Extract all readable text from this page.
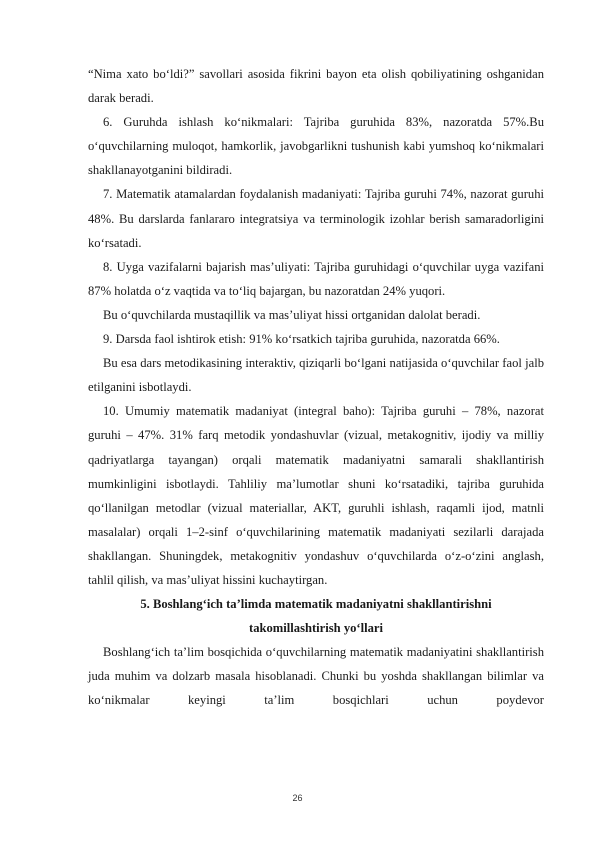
“Nima xato bo‘ldi?” savollari asosida fikrini bayon eta olish qobiliyatining oshganidan darak beradi.

6. Guruhda ishlash ko‘nikmalari: Tajriba guruhida 83%, nazoratda 57%.Bu o‘quvchilarning muloqot, hamkorlik, javobgarlikni tushunish kabi yumshoq ko‘nikmalari shakllanayotganini bildiradi.

7. Matematik atamalardan foydalanish madaniyati: Tajriba guruhi 74%, nazorat guruhi 48%. Bu darslarda fanlararo integratsiya va terminologik izohlar berish samaradorligini ko‘rsatadi.

8. Uyga vazifalarni bajarish mas’uliyati: Tajriba guruhidagi o‘quvchilar uyga vazifani 87% holatda o‘z vaqtida va to‘liq bajargan, bu nazoratdan 24% yuqori.

Bu o‘quvchilarda mustaqillik va mas’uliyat hissi ortganidan dalolat beradi.

9. Darsda faol ishtirok etish: 91% ko‘rsatkich tajriba guruhida, nazoratda 66%.

Bu esa dars metodikasining interaktiv, qiziqarli bo‘lgani natijasida o‘quvchilar faol jalb etilganini isbotlaydi.

10. Umumiy matematik madaniyat (integral baho): Tajriba guruhi – 78%, nazorat guruhi – 47%. 31% farq metodik yondashuvlar (vizual, metakognitiv, ijodiy va milliy qadriyatlarga tayangan) orqali matematik madaniyatni samarali shakllantirish mumkinligini isbotlaydi. Tahliliy ma’lumotlar shuni ko‘rsatadiki, tajriba guruhida qo‘llanilgan metodlar (vizual materiallar, AKT, guruhli ishlash, raqamli ijod, matnli masalalar) orqali 1–2-sinf o‘quvchilarining matematik madaniyati sezilarli darajada shakllangan. Shuningdek, metakognitiv yondashuv o‘quvchilarda o‘z-o‘zini anglash, tahlil qilish, va mas’uliyat hissini kuchaytirgan.

5. Boshlang‘ich ta’limda matematik madaniyatni shakllantirishni

takomillashtirish yo‘llari

Boshlang‘ich ta’lim bosqichida o‘quvchilarning matematik madaniyatini shakllantirish juda muhim va dolzarb masala hisoblanadi. Chunki bu yoshda shakllangan bilimlar va ko‘nikmalar keyingi ta’lim bosqichlari uchun poydevor

26
